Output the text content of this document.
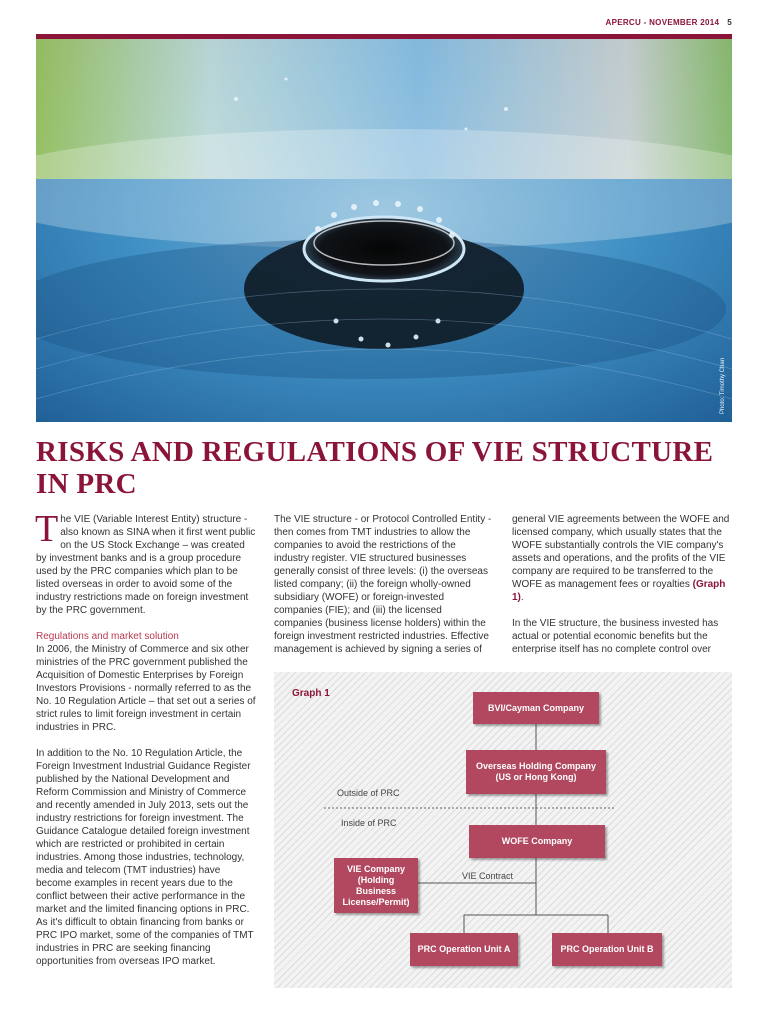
APERCU - NOVEMBER 2014 5
Photo: Timothy Chan
RISKS AND REGULATIONS OF VIE STRUCTURE IN PRC

The VIE (Variable Interest Entity) structure - also known as SINA when it first went public on the US Stock Exchange – was created by investment banks and is a group procedure used by the PRC companies which plan to be listed overseas in order to avoid some of the industry restrictions made on foreign investment by the PRC government.

Regulations and market solution

In 2006, the Ministry of Commerce and six other ministries of the PRC government published the Acquisition of Domestic Enterprises by Foreign Investors Provisions - normally referred to as the No. 10 Regulation Article – that set out a series of strict rules to limit foreign investment in certain industries in PRC.

In addition to the No. 10 Regulation Article, the Foreign Investment Industrial Guidance Register published by the National Development and Reform Commission and Ministry of Commerce and recently amended in July 2013, sets out the industry restrictions for foreign investment. The Guidance Catalogue detailed foreign investment which are restricted or prohibited in certain industries. Among those industries, technology, media and telecom (TMT industries) have become examples in recent years due to the conflict between their active performance in the market and the limited financing options in PRC. As it's difficult to obtain financing from banks or PRC IPO market, some of the companies of TMT industries in PRC are seeking financing opportunities from overseas IPO market.

The VIE structure - or Protocol Controlled Entity - then comes from TMT industries to allow the companies to avoid the restrictions of the industry register. VIE structured businesses generally consist of three levels: (i) the overseas listed company; (ii) the foreign wholly-owned subsidiary (WOFE) or foreign-invested companies (FIE); and (iii) the licensed companies (business license holders) within the foreign investment restricted industries. Effective management is achieved by signing a series of

general VIE agreements between the WOFE and licensed company, which usually states that the WOFE substantially controls the VIE company's assets and operations, and the profits of the VIE company are required to be transferred to the WOFE as management fees or royalties (Graph 1).

In the VIE structure, the business invested has actual or potential economic benefits but the enterprise itself has no complete control over

Graph 1
BVI/Cayman Company
Overseas Holding Company (US or Hong Kong)
Outside of PRC
Inside of PRC
WOFE Company
VIE Company (Holding Business License/Permit)
VIE Contract
PRC Operation Unit A	PRC Operation Unit B
